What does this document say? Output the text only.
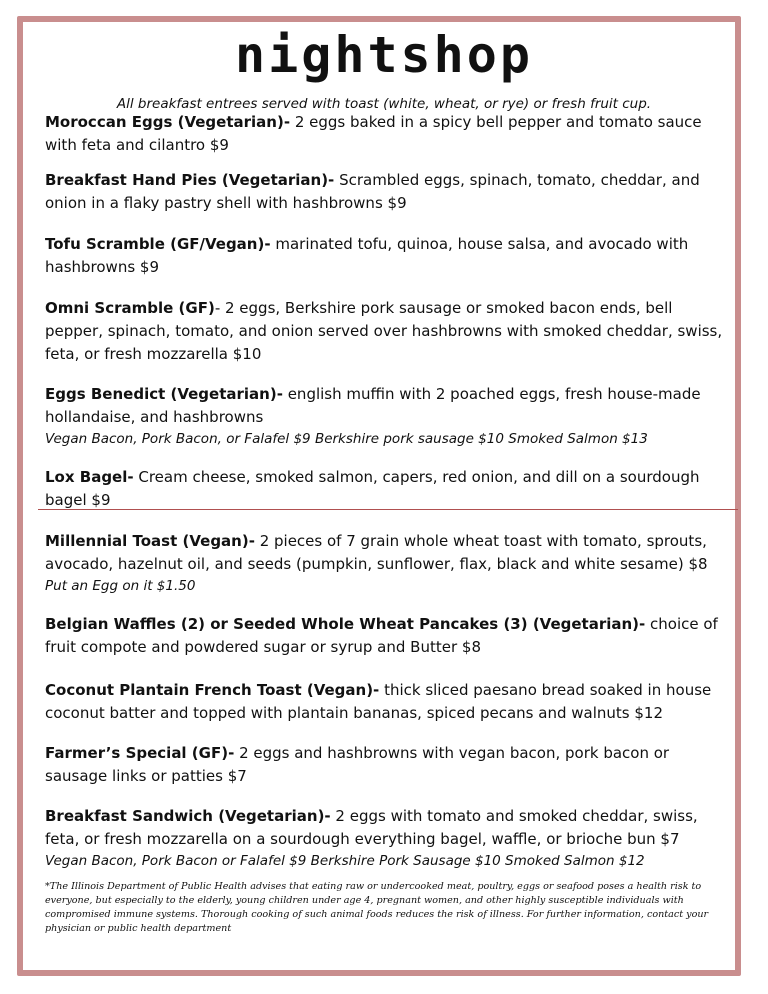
nightshop
All breakfast entrees served with toast (white, wheat, or rye) or fresh fruit cup.
Moroccan Eggs (Vegetarian)- 2 eggs baked in a spicy bell pepper and tomato sauce with feta and cilantro $9
Breakfast Hand Pies (Vegetarian)- Scrambled eggs, spinach, tomato, cheddar, and onion in a flaky pastry shell with hashbrowns $9
Tofu Scramble (GF/Vegan)- marinated tofu, quinoa, house salsa, and avocado with hashbrowns $9
Omni Scramble (GF)- 2 eggs, Berkshire pork sausage or smoked bacon ends, bell pepper, spinach, tomato, and onion served over hashbrowns with smoked cheddar, swiss, feta, or fresh mozzarella $10
Eggs Benedict (Vegetarian)- english muffin with 2 poached eggs, fresh house-made hollandaise, and hashbrowns
Vegan Bacon, Pork Bacon, or Falafel $9 Berkshire pork sausage $10 Smoked Salmon $13
Lox Bagel- Cream cheese, smoked salmon, capers, red onion, and dill on a sourdough bagel $9
Millennial Toast (Vegan)- 2 pieces of 7 grain whole wheat toast with tomato, sprouts, avocado, hazelnut oil, and seeds (pumpkin, sunflower, flax, black and white sesame) $8
Put an Egg on it $1.50
Belgian Waffles (2) or Seeded Whole Wheat Pancakes (3) (Vegetarian)- choice of fruit compote and powdered sugar or syrup and Butter $8
Coconut Plantain French Toast (Vegan)- thick sliced paesano bread soaked in house coconut batter and topped with plantain bananas, spiced pecans and walnuts $12
Farmer’s Special (GF)- 2 eggs and hashbrowns with vegan bacon, pork bacon or sausage links or patties $7
Breakfast Sandwich (Vegetarian)- 2 eggs with tomato and smoked cheddar, swiss, feta, or fresh mozzarella on a sourdough everything bagel, waffle, or brioche bun $7
Vegan Bacon, Pork Bacon or Falafel $9 Berkshire Pork Sausage $10 Smoked Salmon $12
*The Illinois Department of Public Health advises that eating raw or undercooked meat, poultry, eggs or seafood poses a health risk to everyone, but especially to the elderly, young children under age 4, pregnant women, and other highly susceptible individuals with compromised immune systems. Thorough cooking of such animal foods reduces the risk of illness. For further information, contact your physician or public health department
